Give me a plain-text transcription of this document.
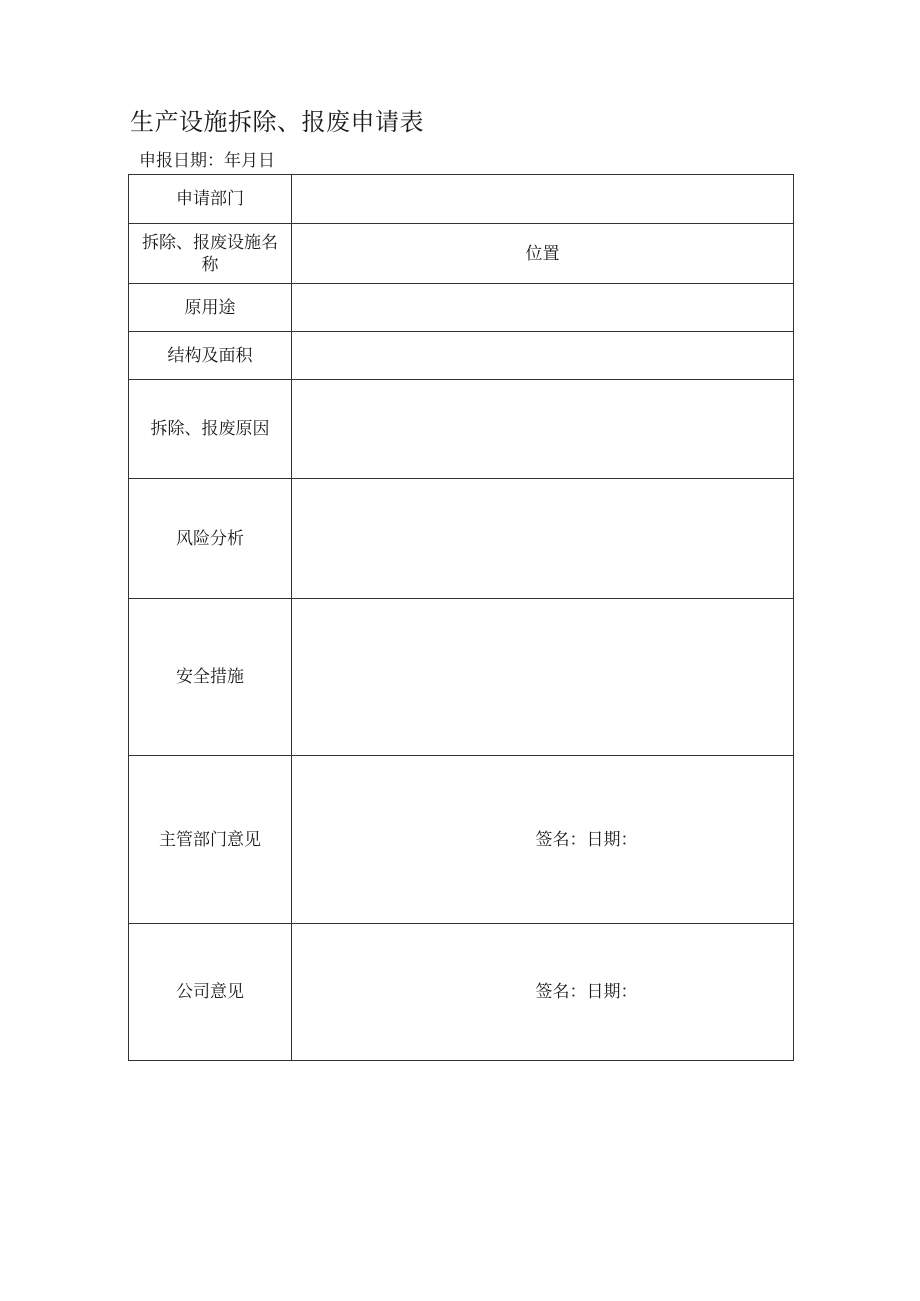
生产设施拆除、报废申请表
申报日期：年月日
申请部门	
拆除、报废设施名称	位置
原用途	
结构及面积	
拆除、报废原因	
风险分析	
安全措施	
主管部门意见	签名：日期：
公司意见	签名：日期：
